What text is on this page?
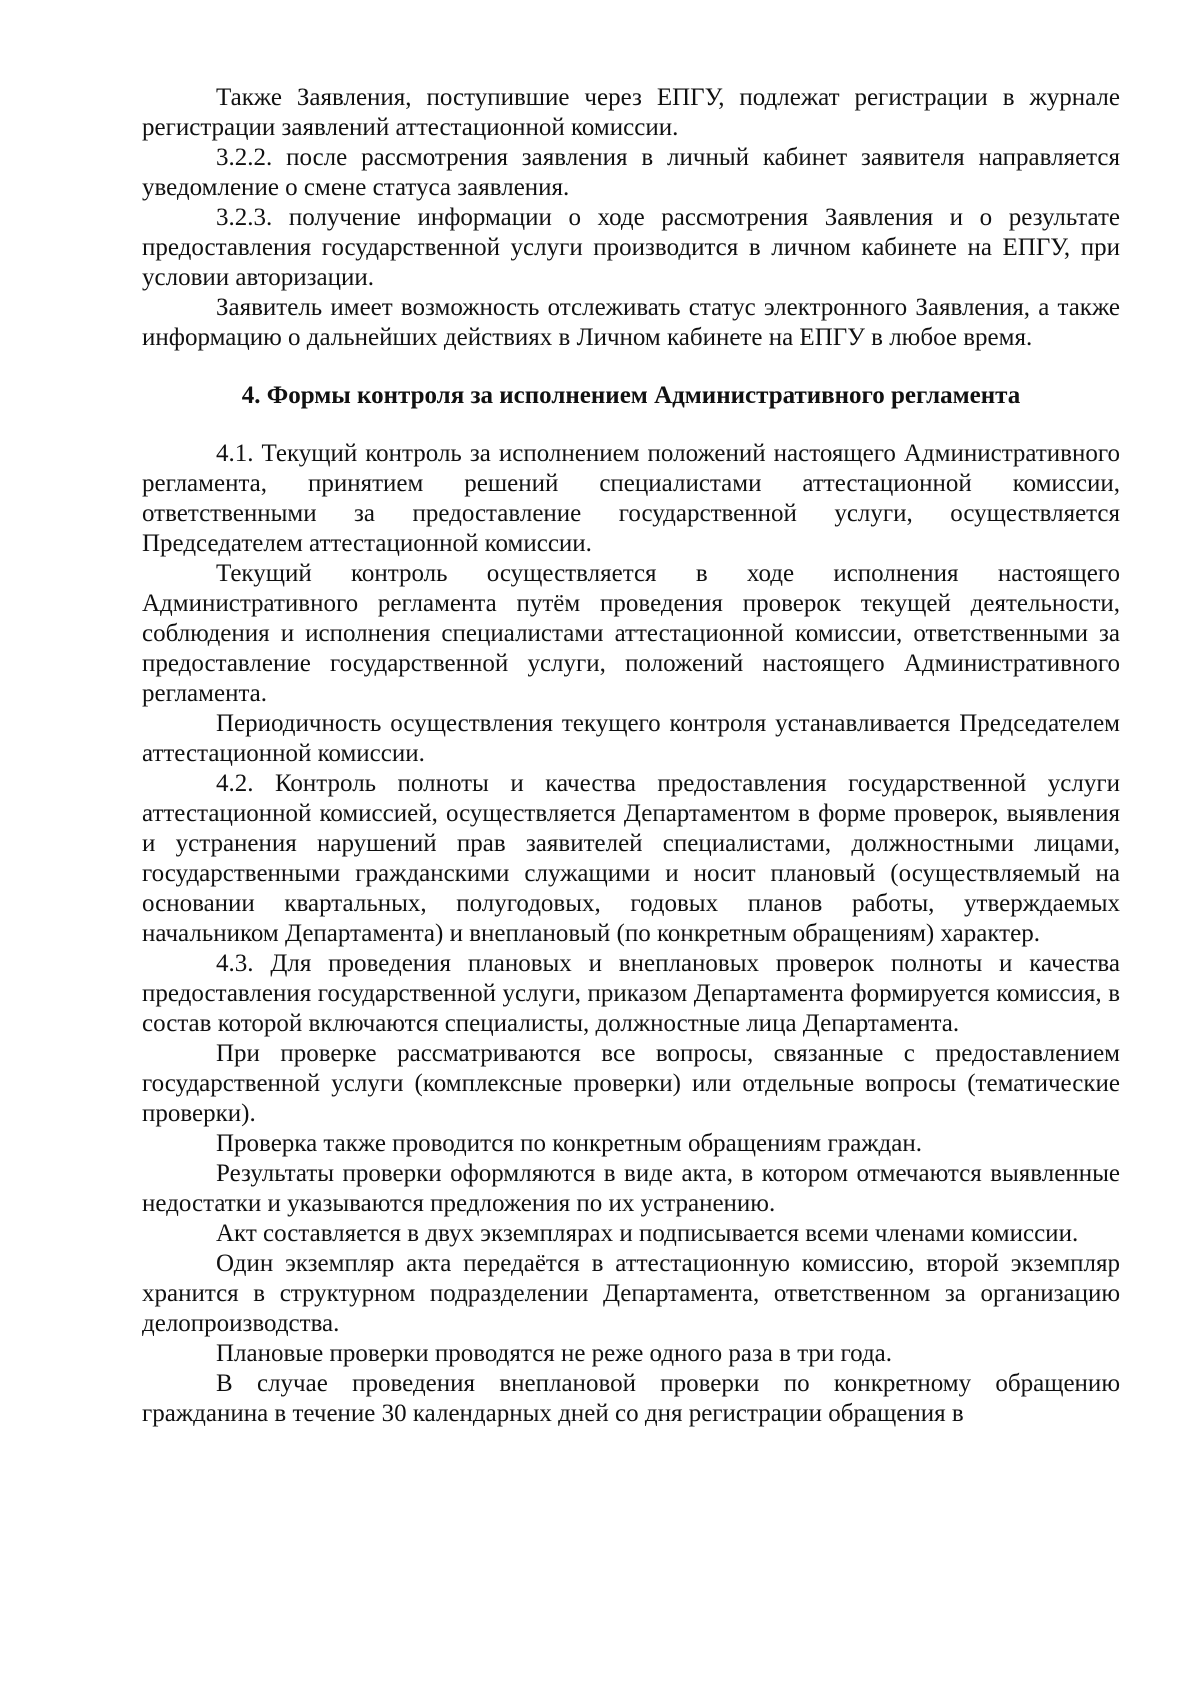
Также Заявления, поступившие через ЕПГУ, подлежат регистрации в журнале регистрации заявлений аттестационной комиссии.

3.2.2. после рассмотрения заявления в личный кабинет заявителя направляется уведомление о смене статуса заявления.

3.2.3. получение информации о ходе рассмотрения Заявления и о результате предоставления государственной услуги производится в личном кабинете на ЕПГУ, при условии авторизации.

Заявитель имеет возможность отслеживать статус электронного Заявления, а также информацию о дальнейших действиях в Личном кабинете на ЕПГУ в любое время.

4. Формы контроля за исполнением Административного регламента

4.1. Текущий контроль за исполнением положений настоящего Административного регламента, принятием решений специалистами аттестационной комиссии, ответственными за предоставление государственной услуги, осуществляется Председателем аттестационной комиссии.

Текущий контроль осуществляется в ходе исполнения настоящего Административного регламента путём проведения проверок текущей деятельности, соблюдения и исполнения специалистами аттестационной комиссии, ответственными за предоставление государственной услуги, положений настоящего Административного регламента.

Периодичность осуществления текущего контроля устанавливается Председателем аттестационной комиссии.

4.2. Контроль полноты и качества предоставления государственной услуги аттестационной комиссией, осуществляется Департаментом в форме проверок, выявления и устранения нарушений прав заявителей специалистами, должностными лицами, государственными гражданскими служащими и носит плановый (осуществляемый на основании квартальных, полугодовых, годовых планов работы, утверждаемых начальником Департамента) и внеплановый (по конкретным обращениям) характер.

4.3. Для проведения плановых и внеплановых проверок полноты и качества предоставления государственной услуги, приказом Департамента формируется комиссия, в состав которой включаются специалисты, должностные лица Департамента.

При проверке рассматриваются все вопросы, связанные с предоставлением государственной услуги (комплексные проверки) или отдельные вопросы (тематические проверки).

Проверка также проводится по конкретным обращениям граждан.

Результаты проверки оформляются в виде акта, в котором отмечаются выявленные недостатки и указываются предложения по их устранению.

Акт составляется в двух экземплярах и подписывается всеми членами комиссии.

Один экземпляр акта передаётся в аттестационную комиссию, второй экземпляр хранится в структурном подразделении Департамента, ответственном за организацию делопроизводства.

Плановые проверки проводятся не реже одного раза в три года.

В случае проведения внеплановой проверки по конкретному обращению гражданина в течение 30 календарных дней со дня регистрации обращения в
